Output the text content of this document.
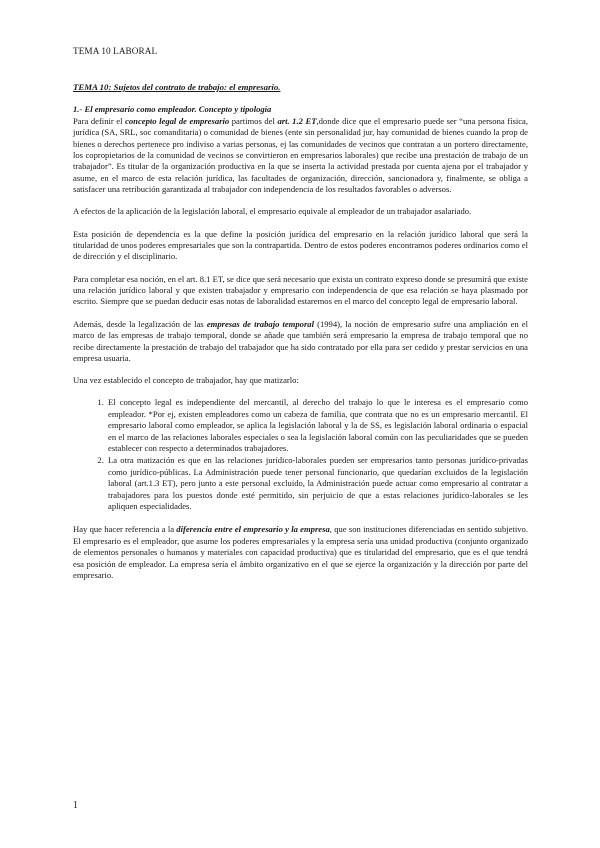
TEMA 10 LABORAL
TEMA 10: Sujetos del contrato de trabajo: el empresario.
1.- El empresario como empleador. Concepto y tipología

Para definir el concepto legal de empresario partimos del art. 1.2 ET,donde dice que el empresario puede ser “una persona física, jurídica (SA, SRL, soc comanditaria) o comunidad de bienes (ente sin personalidad jur, hay comunidad de bienes cuando la prop de bienes o derechos pertenece pro indiviso a varias personas, ej las comunidades de vecinos que contratan a un portero directamente, los copropietarios de la comunidad de vecinos se convirtieron en empresarios laborales) que recibe una prestación de trabajo de un trabajador”. Es titular de la organización productiva en la que se inserta la actividad prestada por cuenta ajena por el trabajador y asume, en el marco de esta relación jurídica, las facultades de organización, dirección, sancionadora y, finalmente, se obliga a satisfacer una retribución garantizada al trabajador con independencia de los resultados favorables o adversos.

A efectos de la aplicación de la legislación laboral, el empresario equivale al empleador de un trabajador asalariado.

Esta posición de dependencia es la que define la posición jurídica del empresario en la relación jurídico laboral que será la titularidad de unos poderes empresariales que son la contrapartida. Dentro de estos poderes encontramos poderes ordinarios como el de dirección y el disciplinario.

Para completar esa noción, en el art. 8.1 ET, se dice que será necesario que exista un contrato expreso donde se presumirá que existe una relación jurídico laboral y que existen trabajador y empresario con independencia de que esa relación se haya plasmado por escrito. Siempre que se puedan deducir esas notas de laboralidad estaremos en el marco del concepto legal de empresario laboral.

Además, desde la legalización de las empresas de trabajo temporal (1994), la noción de empresario sufre una ampliación en el marco de las empresas de trabajo temporal, donde se añade que también será empresario la empresa de trabajo temporal que no recibe directamente la prestación de trabajo del trabajador que ha sido contratado por ella para ser cedido y prestar servicios en una empresa usuaria.

Una vez establecido el concepto de trabajador, hay que matizarlo:

1. El concepto legal es independiente del mercantil, al derecho del trabajo lo que le interesa es el empresario como empleador. *Por ej, existen empleadores como un cabeza de familia, que contrata que no es un empresario mercantil. El empresario laboral como empleador, se aplica la legislación laboral y la de SS, es legislación laboral ordinaria o espacial en el marco de las relaciones laborales especiales o sea la legislación laboral común con las peculiaridades que se pueden establecer con respecto a determinados trabajadores.
2. La otra matización es que en las relaciones jurídico-laborales pueden ser empresarios tanto personas jurídico-privadas como jurídico-públicas. La Administración puede tener personal funcionario, que quedarían excluidos de la legislación laboral (art.1.3 ET), pero junto a este personal excluido, la Administración puede actuar como empresario al contratar a trabajadores para los puestos donde esté permitido, sin perjuicio de que a estas relaciones jurídico-laborales se les apliquen especialidades.

Hay que hacer referencia a la diferencia entre el empresario y la empresa, que son instituciones diferenciadas en sentido subjetivo. El empresario es el empleador, que asume los poderes empresariales y la empresa sería una unidad productiva (conjunto organizado de elementos personales o humanos y materiales con capacidad productiva) que es titularidad del empresario, que es el que tendrá esa posición de empleador. La empresa sería el ámbito organizativo en el que se ejerce la organización y la dirección por parte del empresario.

1
